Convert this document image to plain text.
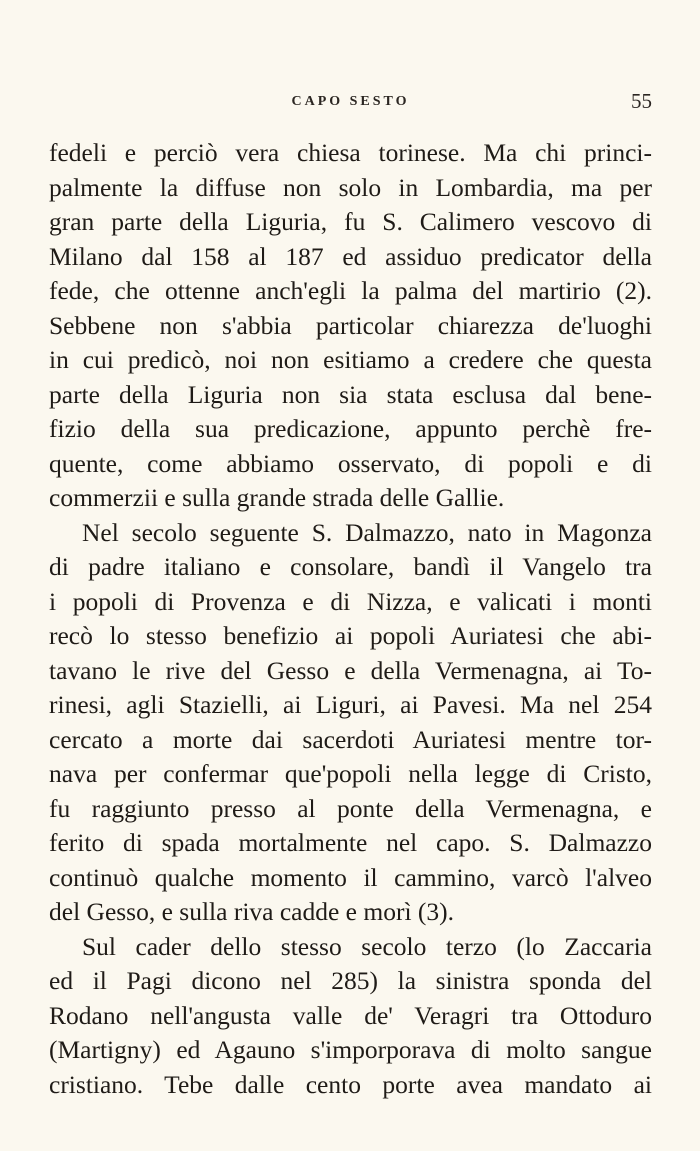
CAPO SESTO	55
fedeli e perciò vera chiesa torinese. Ma chi princi-
palmente la diffuse non solo in Lombardia, ma per
gran parte della Liguria, fu S. Calimero vescovo di
Milano dal 158 al 187 ed assiduo predicator della
fede, che ottenne anch'egli la palma del martirio (2).
Sebbene non s'abbia particolar chiarezza de'luoghi
in cui predicò, noi non esitiamo a credere che questa
parte della Liguria non sia stata esclusa dal bene-
fizio della sua predicazione, appunto perchè fre-
quente, come abbiamo osservato, di popoli e di
commerzii e sulla grande strada delle Gallie.
Nel secolo seguente S. Dalmazzo, nato in Magonza
di padre italiano e consolare, bandì il Vangelo tra
i popoli di Provenza e di Nizza, e valicati i monti
recò lo stesso benefizio ai popoli Auriatesi che abi-
tavano le rive del Gesso e della Vermenagna, ai To-
rinesi, agli Stazielli, ai Liguri, ai Pavesi. Ma nel 254
cercato a morte dai sacerdoti Auriatesi mentre tor-
nava per confermar que'popoli nella legge di Cristo,
fu raggiunto presso al ponte della Vermenagna, e
ferito di spada mortalmente nel capo. S. Dalmazzo
continuò qualche momento il cammino, varcò l'alveo
del Gesso, e sulla riva cadde e morì (3).
Sul cader dello stesso secolo terzo (lo Zaccaria
ed il Pagi dicono nel 285) la sinistra sponda del
Rodano nell'angusta valle de' Veragri tra Ottoduro
(Martigny) ed Agauno s'imporporava di molto sangue
cristiano. Tebe dalle cento porte avea mandato ai
